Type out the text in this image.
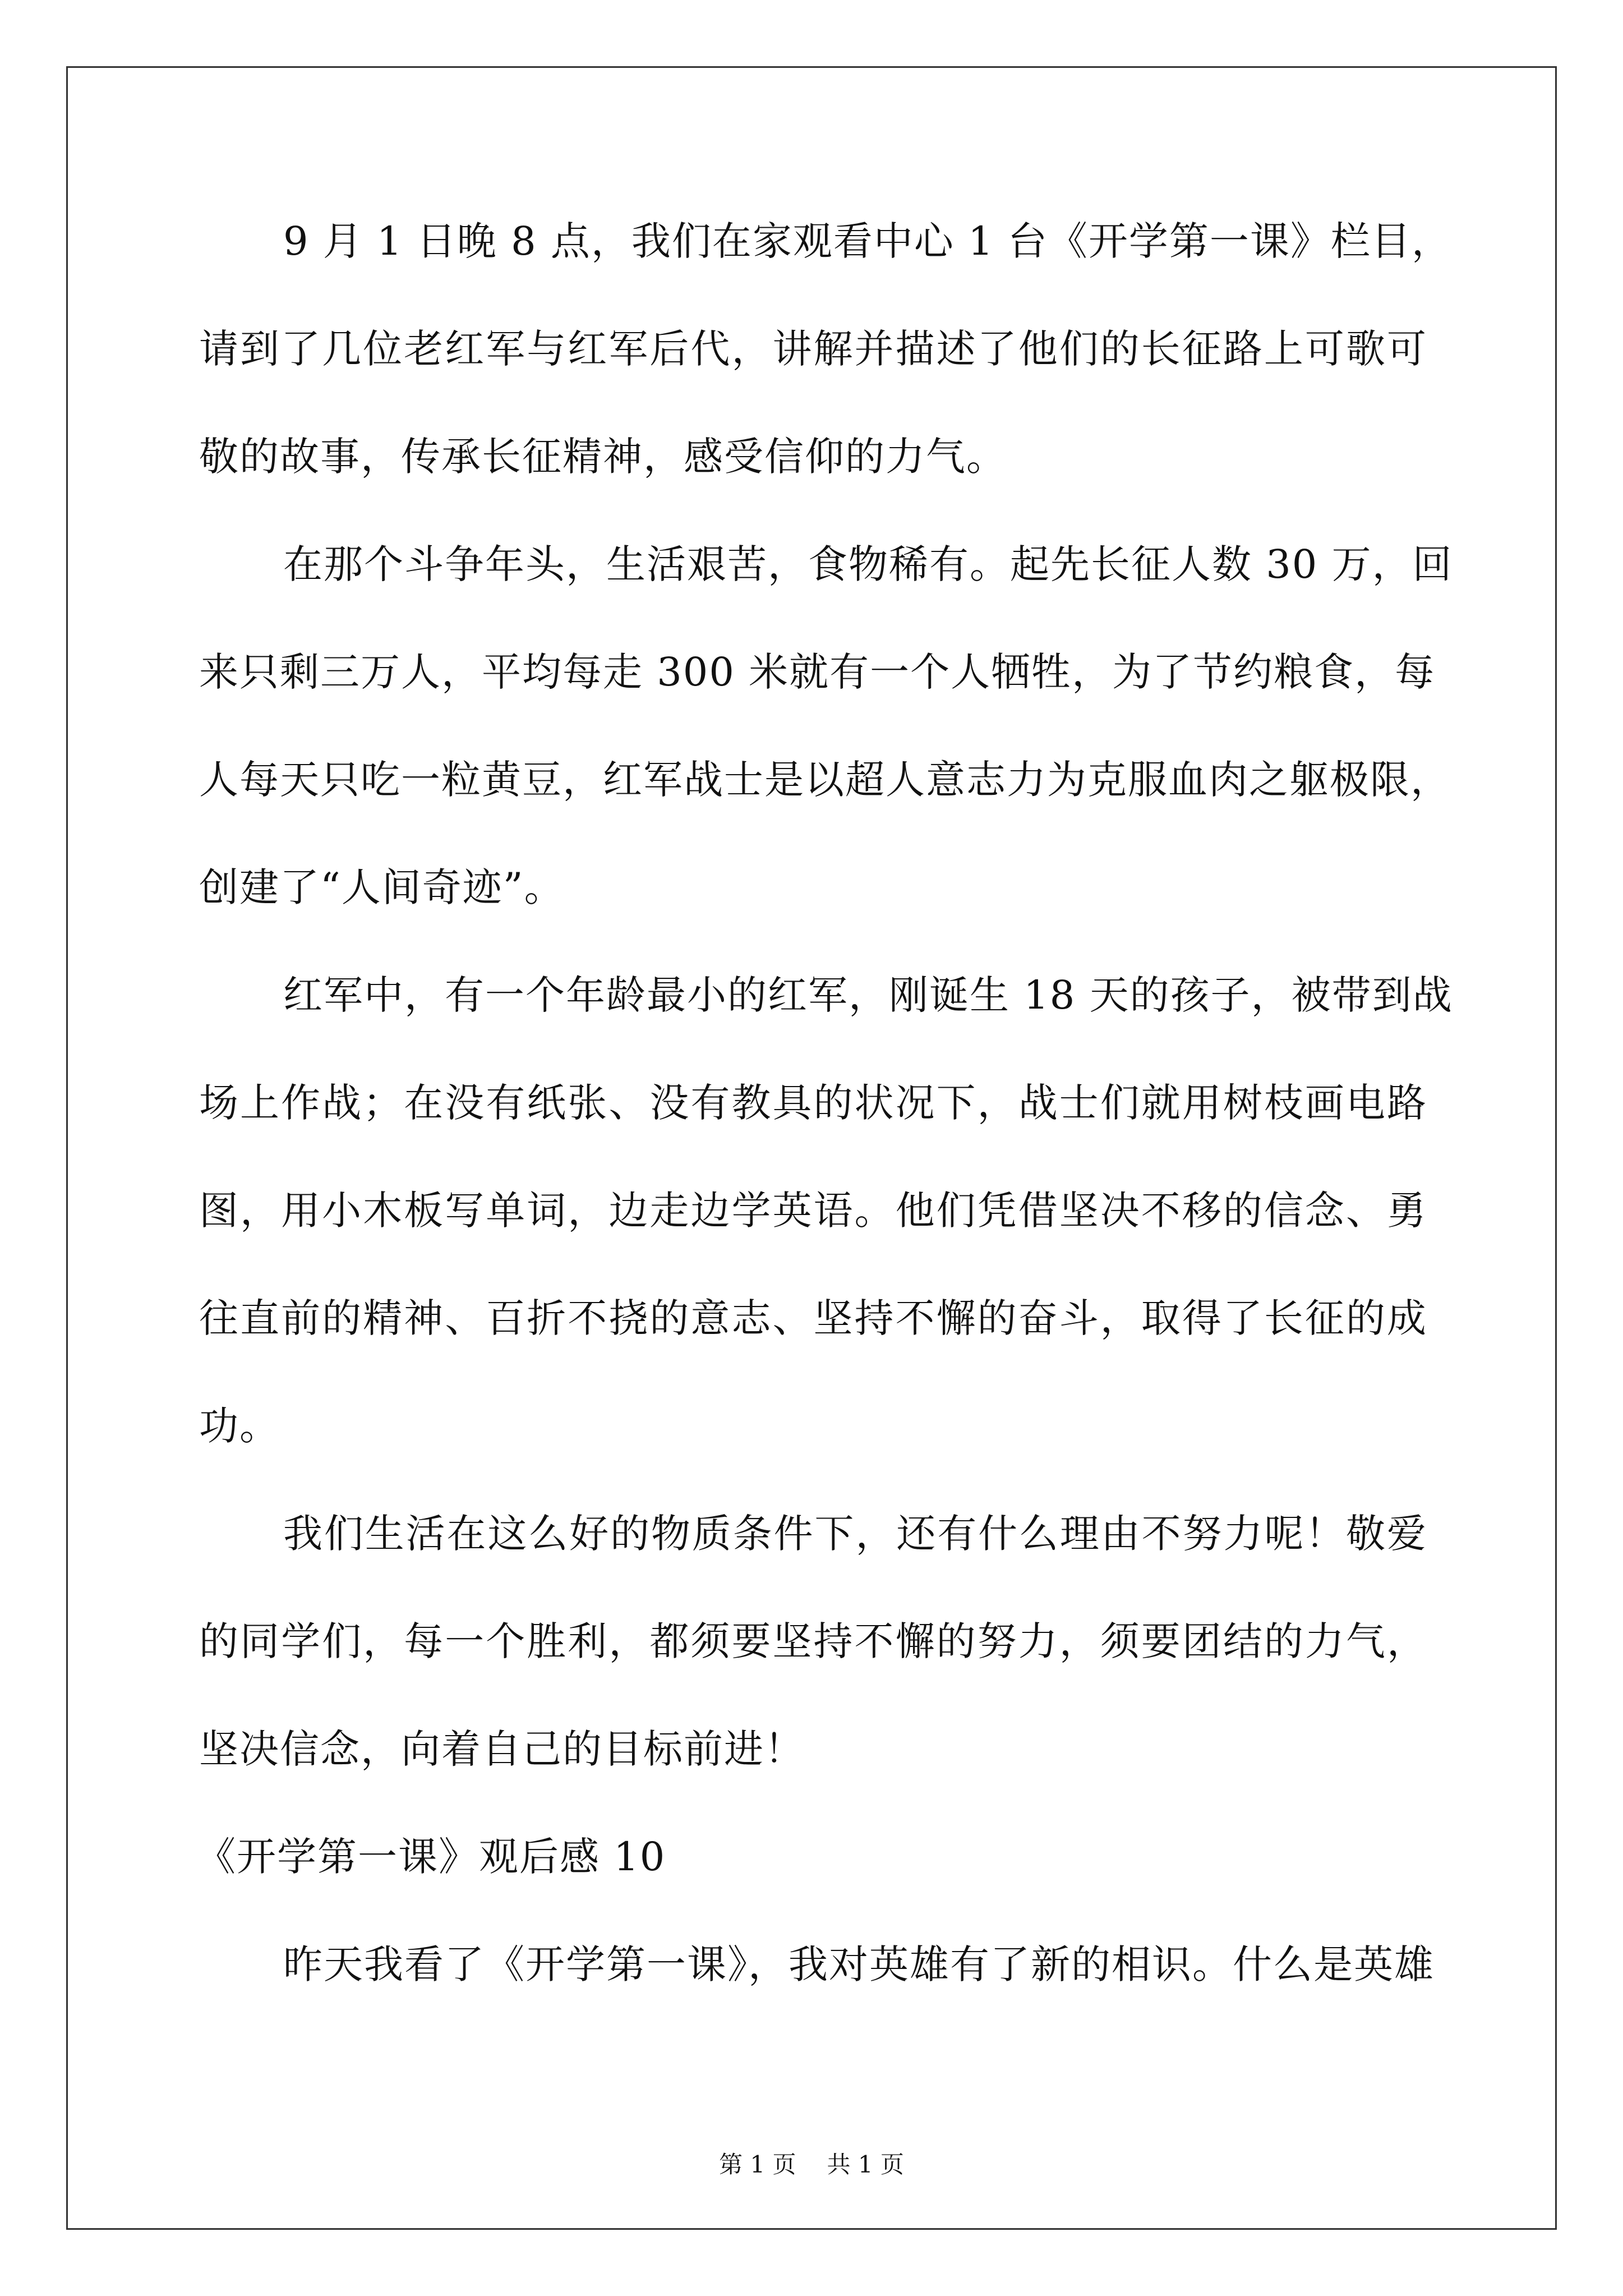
9 月 1 日晚 8 点，我们在家观看中心 1 台《开学第一课》栏目，
请到了几位老红军与红军后代，讲解并描述了他们的长征路上可歌可
敬的故事，传承长征精神，感受信仰的力气。
在那个斗争年头，生活艰苦，食物稀有。起先长征人数 30 万，回
来只剩三万人，平均每走 300 米就有一个人牺牲，为了节约粮食，每
人每天只吃一粒黄豆，红军战士是以超人意志力为克服血肉之躯极限，
创建了“人间奇迹”。
红军中，有一个年龄最小的红军，刚诞生 18 天的孩子，被带到战
场上作战；在没有纸张、没有教具的状况下，战士们就用树枝画电路
图，用小木板写单词，边走边学英语。他们凭借坚决不移的信念、勇
往直前的精神、百折不挠的意志、坚持不懈的奋斗，取得了长征的成
功。
我们生活在这么好的物质条件下，还有什么理由不努力呢！敬爱
的同学们，每一个胜利，都须要坚持不懈的努力，须要团结的力气，
坚决信念，向着自己的目标前进！
《开学第一课》观后感 10
昨天我看了《开学第一课》，我对英雄有了新的相识。什么是英雄
第 1 页 共 1 页
